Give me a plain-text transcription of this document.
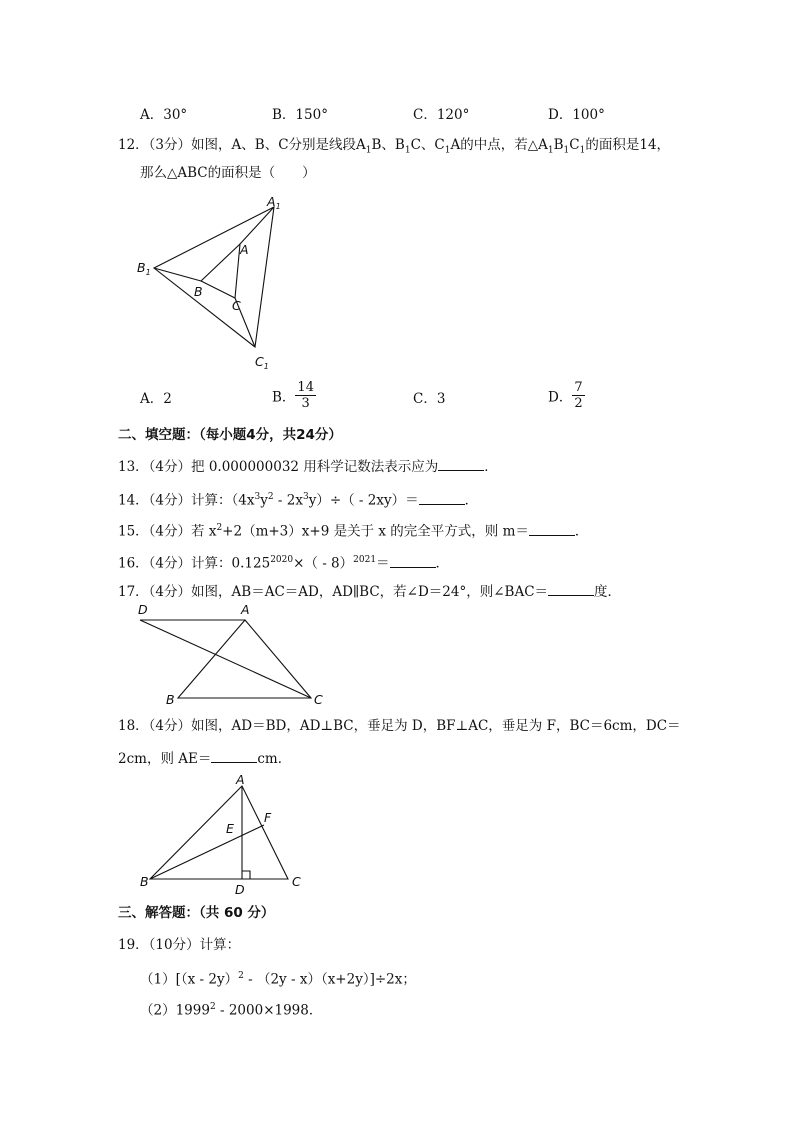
A．30°	B．150°	C．120°	D．100°
12．（3分）如图，A、B、C分别是线段$A_1B$、$B_1C$、$C_1A$的中点，若$\triangle A_1B_1C_1$的面积是14，
那么△ABC的面积是（　　）
$A_1$
$B_1$
$C_1$
A
B
C
A．2	B． $\frac{14}{3}$	C．3	D． $\frac{7}{2}$
二、填空题：（每小题4分，共24分）
13．（4分）把 0.000000032 用科学记数法表示应为	．
14．（4分）计算：$(4x^3y^2 - 2x^3y)\div( - 2xy)=$	．
15．（4分）若 $x^2+2(m+3)x+9$ 是关于 x 的完全平方式，则 m＝	．
16．（4分）计算：$0.125^{2020}\times( - 8)^{2021}=$	．
17．（4分）如图，AB＝AC＝AD，AD∥BC，若∠D＝24°，则∠BAC＝	度．
D	A
B	C
18．（4分）如图，AD＝BD，AD⊥BC，垂足为 D，BF⊥AC，垂足为 F，BC＝6cm，DC＝
2cm，则 AE＝	cm．
A
F
E
B
D
C
三、解答题：（共 60 分）
19．（10分）计算：
（1）[（x - 2y）$^2$ - （2y - x）（x+2y）]÷2x；
（2）1999$^2$ - 2000×1998．
